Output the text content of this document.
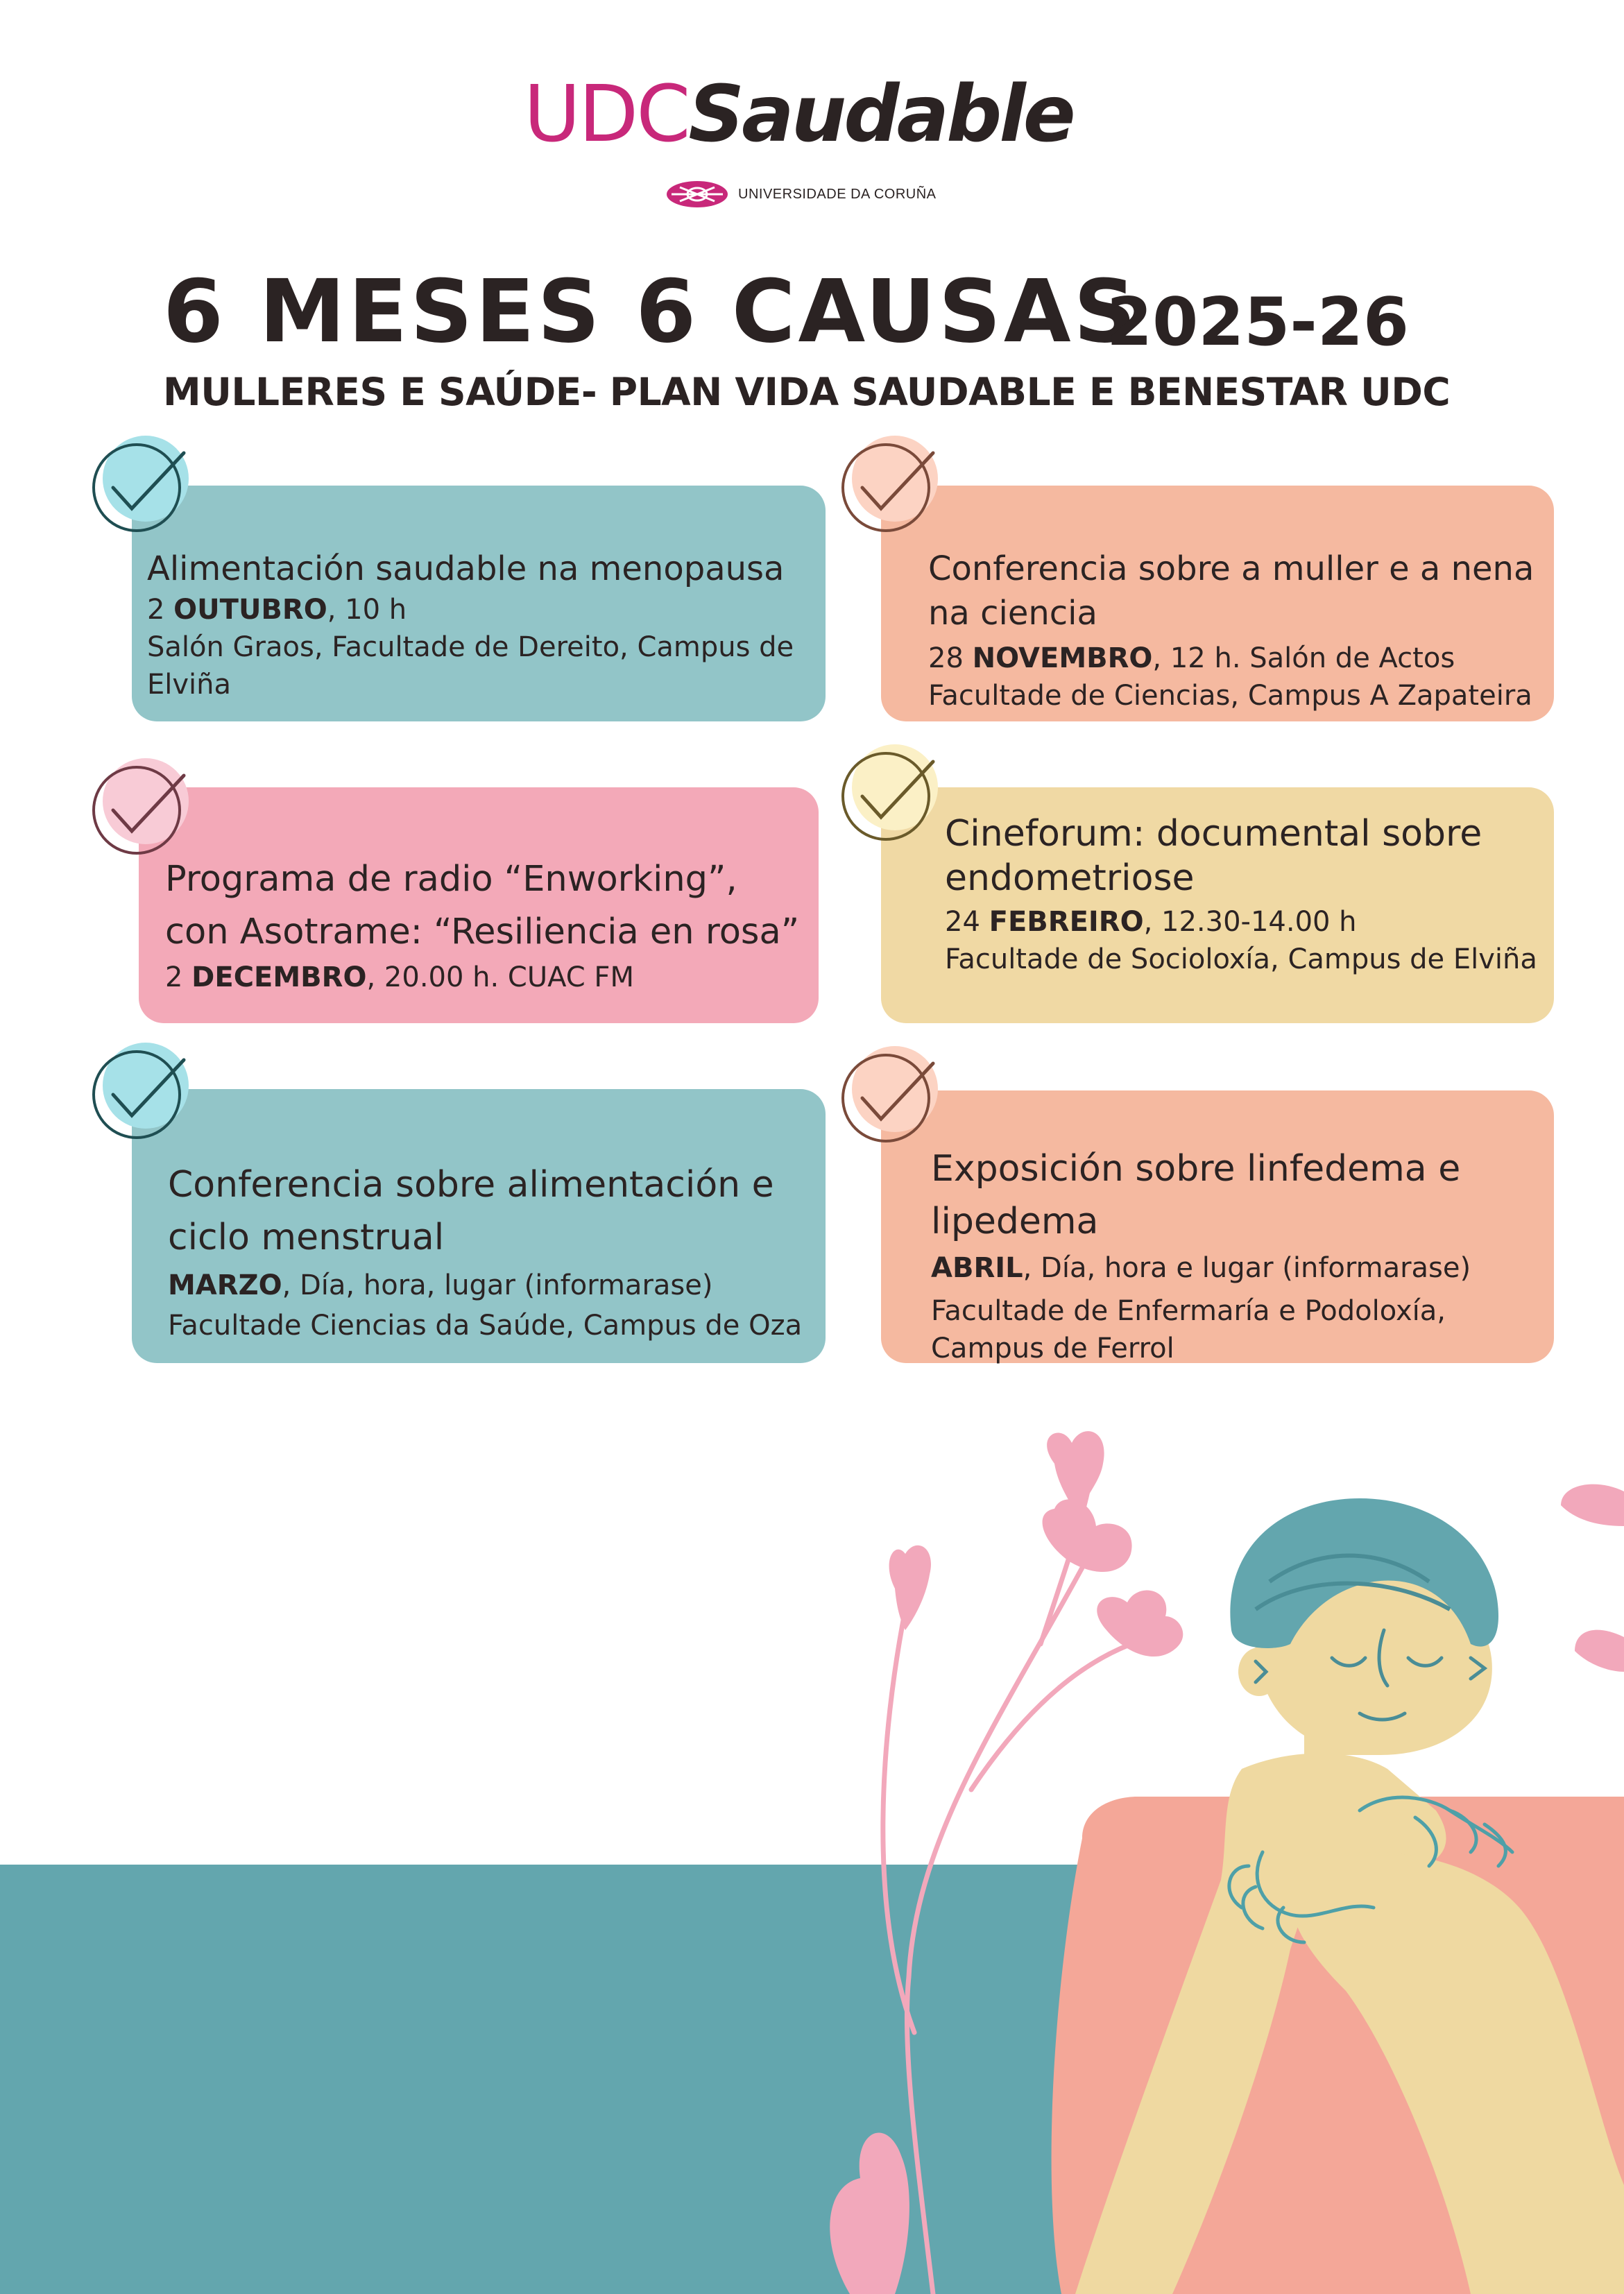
UDCSaudable
UNIVERSIDADE DA CORUÑA
6 MESES 6 CAUSAS
2025-26
MULLERES E SAÚDE- PLAN VIDA SAUDABLE E BENESTAR UDC
Alimentación saudable na menopausa
2 OUTUBRO, 10 h
Salón Graos, Facultade de Dereito, Campus de Elviña
Conferencia sobre a muller e a nena na ciencia
28 NOVEMBRO, 12 h. Salón de Actos
Facultade de Ciencias, Campus A Zapateira
Programa de radio “Enworking”, con Asotrame: “Resiliencia en rosa”
2 DECEMBRO, 20.00 h. CUAC FM
Cineforum: documental sobre endometriose
24 FEBREIRO, 12.30-14.00 h
Facultade de Socioloxía, Campus de Elviña
Conferencia sobre alimentación e ciclo menstrual
MARZO, Día, hora, lugar (informarase)
Facultade Ciencias da Saúde, Campus de Oza
Exposición sobre linfedema e lipedema
ABRIL, Día, hora e lugar (informarase)
Facultade de Enfermaría e Podoloxía, Campus de Ferrol
